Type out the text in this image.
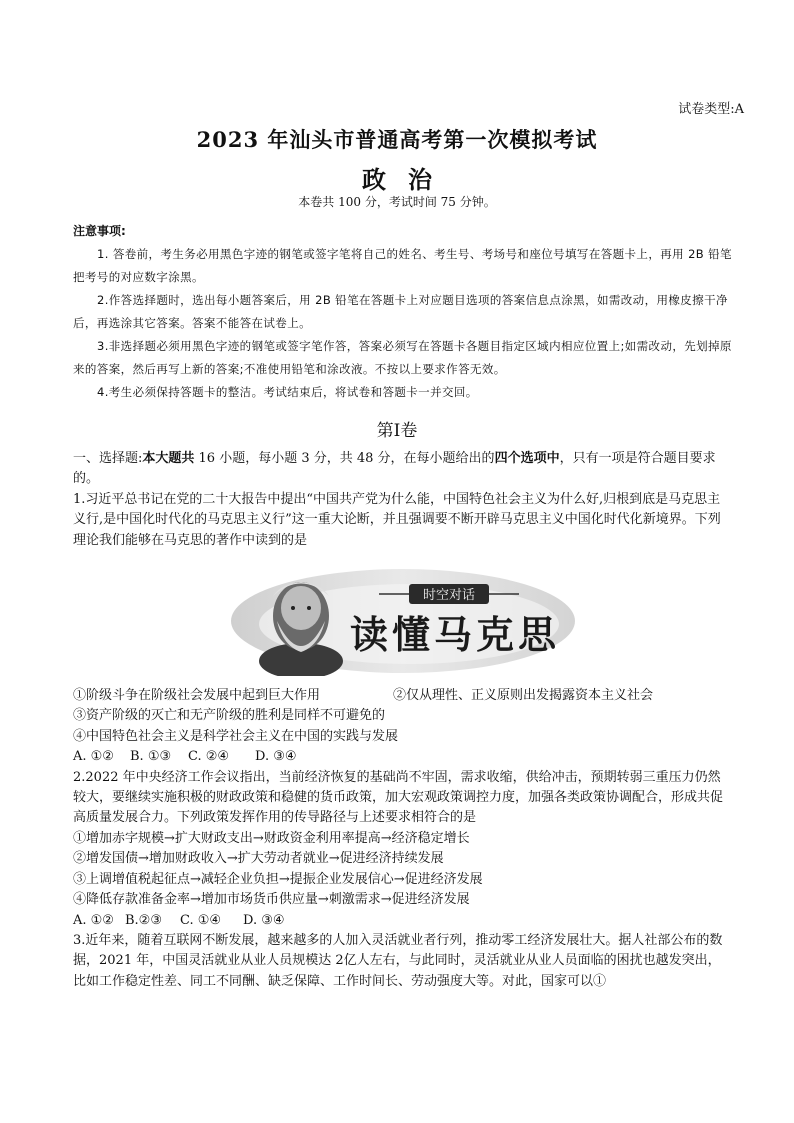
试卷类型:A
2023 年汕头市普通高考第一次模拟考试
政治
本卷共 100 分，考试时间 75 分钟。
注意事项:

1. 答卷前，考生务必用黑色字迹的钢笔或签字笔将自己的姓名、考生号、考场号和座位号填写在答题卡上，再用 2B 铅笔把考号的对应数字涂黑。

2.作答选择题时，选出每小题答案后，用 2B 铅笔在答题卡上对应题目选项的答案信息点涂黑，如需改动，用橡皮擦干净后，再选涂其它答案。答案不能答在试卷上。

3.非选择题必须用黑色字迹的钢笔或签字笔作答，答案必须写在答题卡各题目指定区域内相应位置上;如需改动，先划掉原来的答案，然后再写上新的答案;不准使用铅笔和涂改液。不按以上要求作答无效。

4.考生必须保持答题卡的整洁。考试结束后，将试卷和答题卡一并交回。

第Ⅰ卷

一、选择题:本大题共 16 小题，每小题 3 分，共 48 分，在每小题给出的四个选项中，只有一项是符合题目要求的。

1.习近平总书记在党的二十大报告中提出“中国共产党为什么能，中国特色社会主义为什么好,归根到底是马克思主义行,是中国化时代化的马克思主义行”这一重大论断，并且强调要不断开辟马克思主义中国化时代化新境界。下列理论我们能够在马克思的著作中读到的是

时空对话
读懂马克思

①阶级斗争在阶级社会发展中起到巨大作用	②仅从理性、正义原则出发揭露资本主义社会

③资产阶级的灭亡和无产阶级的胜利是同样不可避免的

④中国特色社会主义是科学社会主义在中国的实践与发展

A. ①②	B. ①③	C. ②④	D. ③④

2.2022 年中央经济工作会议指出，当前经济恢复的基础尚不牢固，需求收缩，供给冲击，预期转弱三重压力仍然较大，要继续实施积极的财政政策和稳健的货币政策，加大宏观政策调控力度，加强各类政策协调配合，形成共促高质量发展合力。下列政策发挥作用的传导路径与上述要求相符合的是

①增加赤字规模→扩大财政支出→财政资金利用率提高→经济稳定增长

②增发国债→增加财政收入→扩大劳动者就业→促进经济持续发展

③上调增值税起征点→减轻企业负担→提振企业发展信心→促进经济发展

④降低存款准备金率→增加市场货币供应量→刺激需求→促进经济发展

A. ①② B.②③	C. ①④	D. ③④

3.近年来，随着互联网不断发展，越来越多的人加入灵活就业者行列，推动零工经济发展壮大。据人社部公布的数据，2021 年，中国灵活就业从业人员规模达 2亿人左右，与此同时，灵活就业从业人员面临的困扰也越发突出，比如工作稳定性差、同工不同酬、缺乏保障、工作时间长、劳动强度大等。对此，国家可以①
